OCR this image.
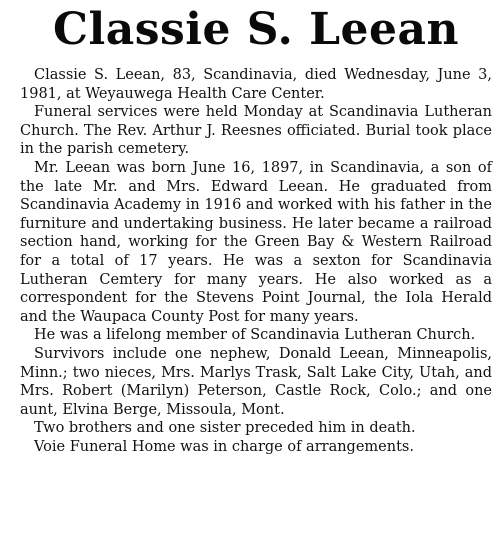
Classie S. Leean

Classie S. Leean, 83, Scandinavia, died Wednesday, June 3, 1981, at Weyauwega Health Care Center.

Funeral services were held Monday at Scandinavia Lutheran Church. The Rev. Arthur J. Reesnes officiated. Burial took place in the parish cemetery.

Mr. Leean was born June 16, 1897, in Scandinavia, a son of the late Mr. and Mrs. Edward Leean. He graduated from Scandinavia Academy in 1916 and worked with his father in the furniture and undertaking business. He later became a railroad section hand, working for the Green Bay & Western Railroad for a total of 17 years. He was a sexton for Scandinavia Lutheran Cemtery for many years. He also worked as a correspondent for the Stevens Point Journal, the Iola Herald and the Waupaca County Post for many years.

He was a lifelong member of Scandinavia Lutheran Church.

Survivors include one nephew, Donald Leean, Minneapolis, Minn.; two nieces, Mrs. Marlys Trask, Salt Lake City, Utah, and Mrs. Robert (Marilyn) Peterson, Castle Rock, Colo.; and one aunt, Elvina Berge, Missoula, Mont.

Two brothers and one sister preceded him in death.

Voie Funeral Home was in charge of arrangements.
